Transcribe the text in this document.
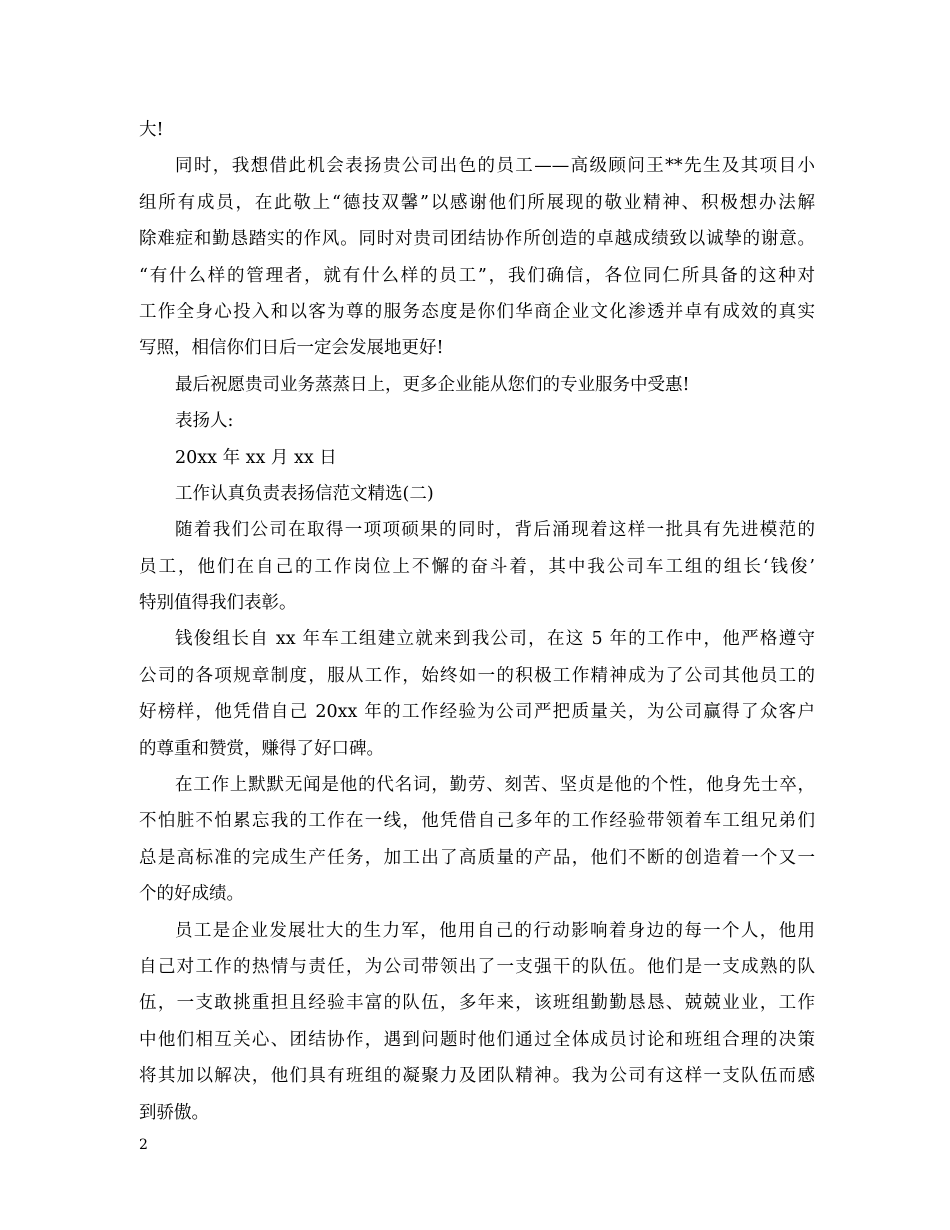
大!
同时，我想借此机会表扬贵公司出色的员工——高级顾问王**先生及其项目小
组所有成员，在此敬上“德技双馨”以感谢他们所展现的敬业精神、积极想办法解
除难症和勤恳踏实的作风。同时对贵司团结协作所创造的卓越成绩致以诚挚的谢意。
“有什么样的管理者，就有什么样的员工”，我们确信，各位同仁所具备的这种对
工作全身心投入和以客为尊的服务态度是你们华商企业文化渗透并卓有成效的真实
写照，相信你们日后一定会发展地更好!
最后祝愿贵司业务蒸蒸日上，更多企业能从您们的专业服务中受惠!
表扬人:
20xx 年 xx 月 xx 日
工作认真负责表扬信范文精选(二)
随着我们公司在取得一项项硕果的同时，背后涌现着这样一批具有先进模范的
员工，他们在自己的工作岗位上不懈的奋斗着，其中我公司车工组的组长‘钱俊’
特别值得我们表彰。
钱俊组长自 xx 年车工组建立就来到我公司，在这 5 年的工作中，他严格遵守
公司的各项规章制度，服从工作，始终如一的积极工作精神成为了公司其他员工的
好榜样，他凭借自己 20xx 年的工作经验为公司严把质量关，为公司赢得了众客户
的尊重和赞赏，赚得了好口碑。
在工作上默默无闻是他的代名词，勤劳、刻苦、坚贞是他的个性，他身先士卒，
不怕脏不怕累忘我的工作在一线，他凭借自己多年的工作经验带领着车工组兄弟们
总是高标准的完成生产任务，加工出了高质量的产品，他们不断的创造着一个又一
个的好成绩。
员工是企业发展壮大的生力军，他用自己的行动影响着身边的每一个人，他用
自己对工作的热情与责任，为公司带领出了一支强干的队伍。他们是一支成熟的队
伍，一支敢挑重担且经验丰富的队伍，多年来，该班组勤勤恳恳、兢兢业业，工作
中他们相互关心、团结协作，遇到问题时他们通过全体成员讨论和班组合理的决策
将其加以解决，他们具有班组的凝聚力及团队精神。我为公司有这样一支队伍而感
到骄傲。
2
